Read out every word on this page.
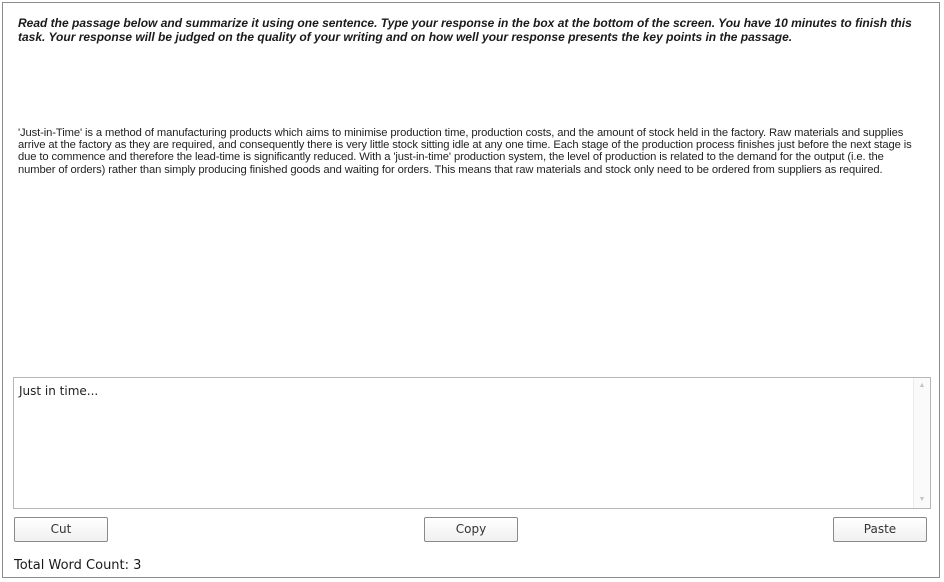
Read the passage below and summarize it using one sentence. Type your response in the box at the bottom of the screen. You have 10 minutes to finish this task. Your response will be judged on the quality of your writing and on how well your response presents the key points in the passage.
'Just-in-Time' is a method of manufacturing products which aims to minimise production time, production costs, and the amount of stock held in the factory. Raw materials and supplies arrive at the factory as they are required, and consequently there is very little stock sitting idle at any one time. Each stage of the production process finishes just before the next stage is due to commence and therefore the lead-time is significantly reduced. With a 'just-in-time' production system, the level of production is related to the demand for the output (i.e. the number of orders) rather than simply producing finished goods and waiting for orders. This means that raw materials and stock only need to be ordered from suppliers as required.
Just in time...
▲
▼
Cut	Copy	Paste
Total Word Count: 3
